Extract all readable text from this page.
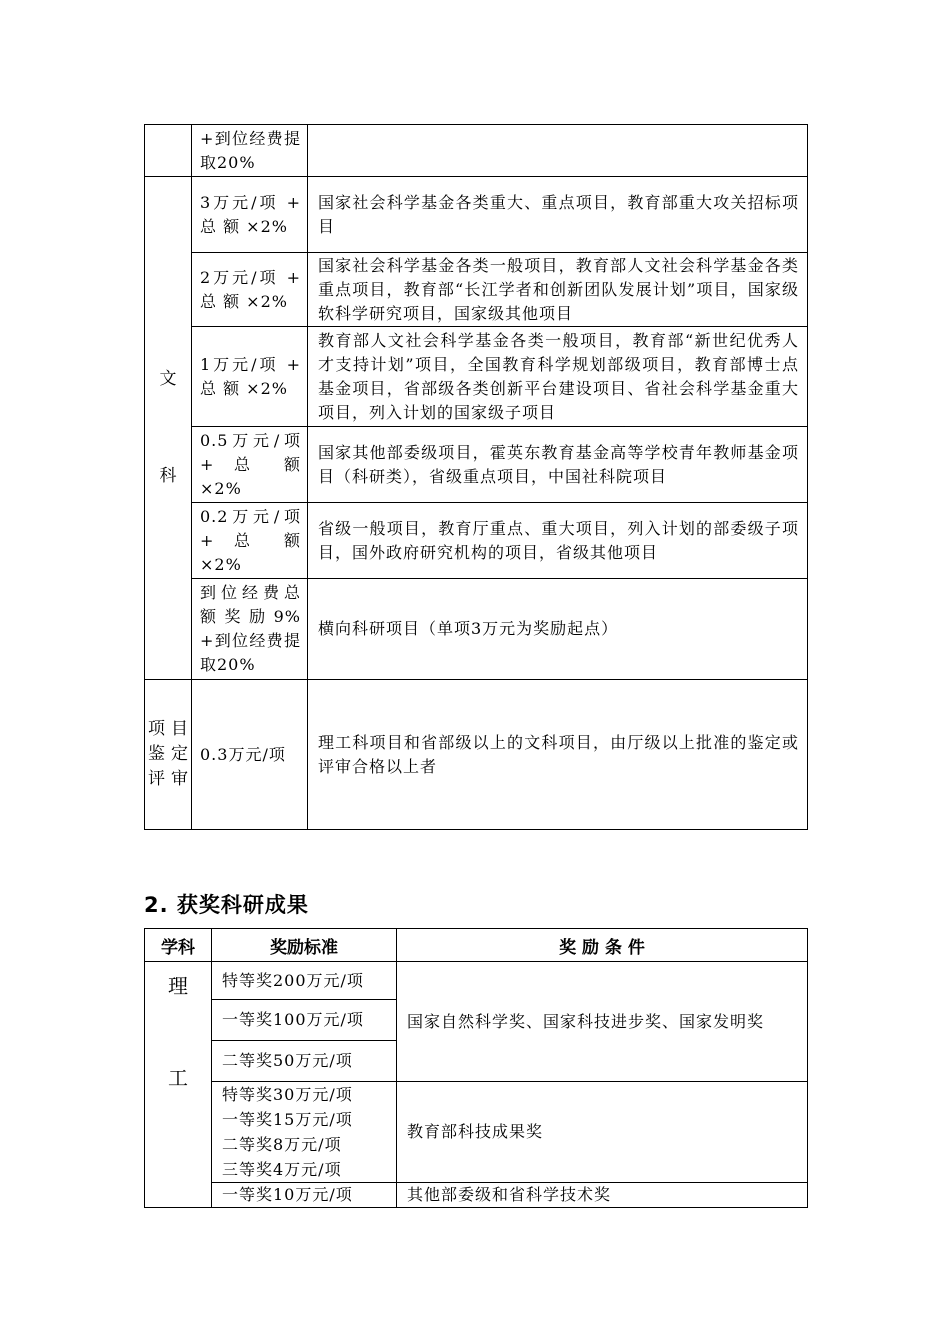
	+到位经费提取20%	
文

科	3万元/项 + 总 额 ×2%	国家社会科学基金各类重大、重点项目，教育部重大攻关招标项目
	2万元/项 + 总 额 ×2%	国家社会科学基金各类一般项目，教育部人文社会科学基金各类重点项目，教育部“长江学者和创新团队发展计划”项目，国家级软科学研究项目，国家级其他项目
	1万元/项 + 总 额 ×2%	教育部人文社会科学基金各类一般项目，教育部“新世纪优秀人才支持计划”项目，全国教育科学规划部级项目，教育部博士点基金项目，省部级各类创新平台建设项目、省社会科学基金重大项目，列入计划的国家级子项目
	0.5万元/项 + 总 额 ×2%	国家其他部委级项目，霍英东教育基金高等学校青年教师基金项目（科研类），省级重点项目，中国社科院项目
	0.2万元/项 + 总 额 ×2%	省级一般项目，教育厅重点、重大项目，列入计划的部委级子项目，国外政府研究机构的项目，省级其他项目
	到位经费总额奖励9% +到位经费提取20%	横向科研项目（单项3万元为奖励起点）
项 目 鉴 定 评 审	0.3万元/项	理工科项目和省部级以上的文科项目，由厅级以上批准的鉴定或评审合格以上者
2. 获奖科研成果
学科	奖励标准	奖 励 条 件

理
工	特等奖200万元/项	国家自然科学奖、国家科技进步奖、国家发明奖
	一等奖100万元/项	
	二等奖50万元/项	

	特等奖30万元/项
一等奖15万元/项
二等奖8万元/项
三等奖4万元/项	教育部科技成果奖
	一等奖10万元/项	其他部委级和省科学技术奖
